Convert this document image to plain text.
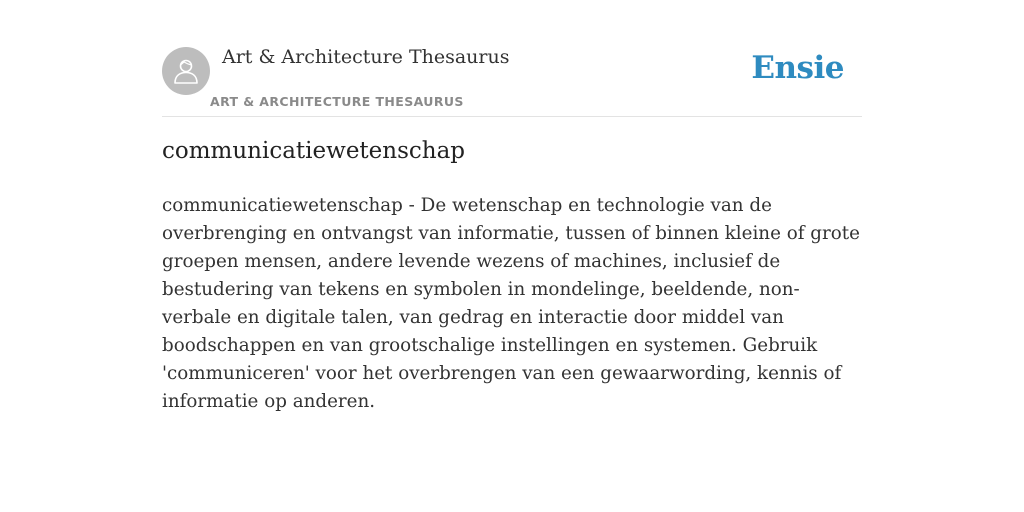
Art & Architecture Thesaurus
ART & ARCHITECTURE THESAURUS
Ensie
communicatiewetenschap

communicatiewetenschap - De wetenschap en technologie van de overbrenging en ontvangst van informatie, tussen of binnen kleine of grote groepen mensen, andere levende wezens of machines, inclusief de bestudering van tekens en symbolen in mondelinge, beeldende, non-verbale en digitale talen, van gedrag en interactie door middel van boodschappen en van grootschalige instellingen en systemen. Gebruik 'communiceren' voor het overbrengen van een gewaarwording, kennis of informatie op anderen.
